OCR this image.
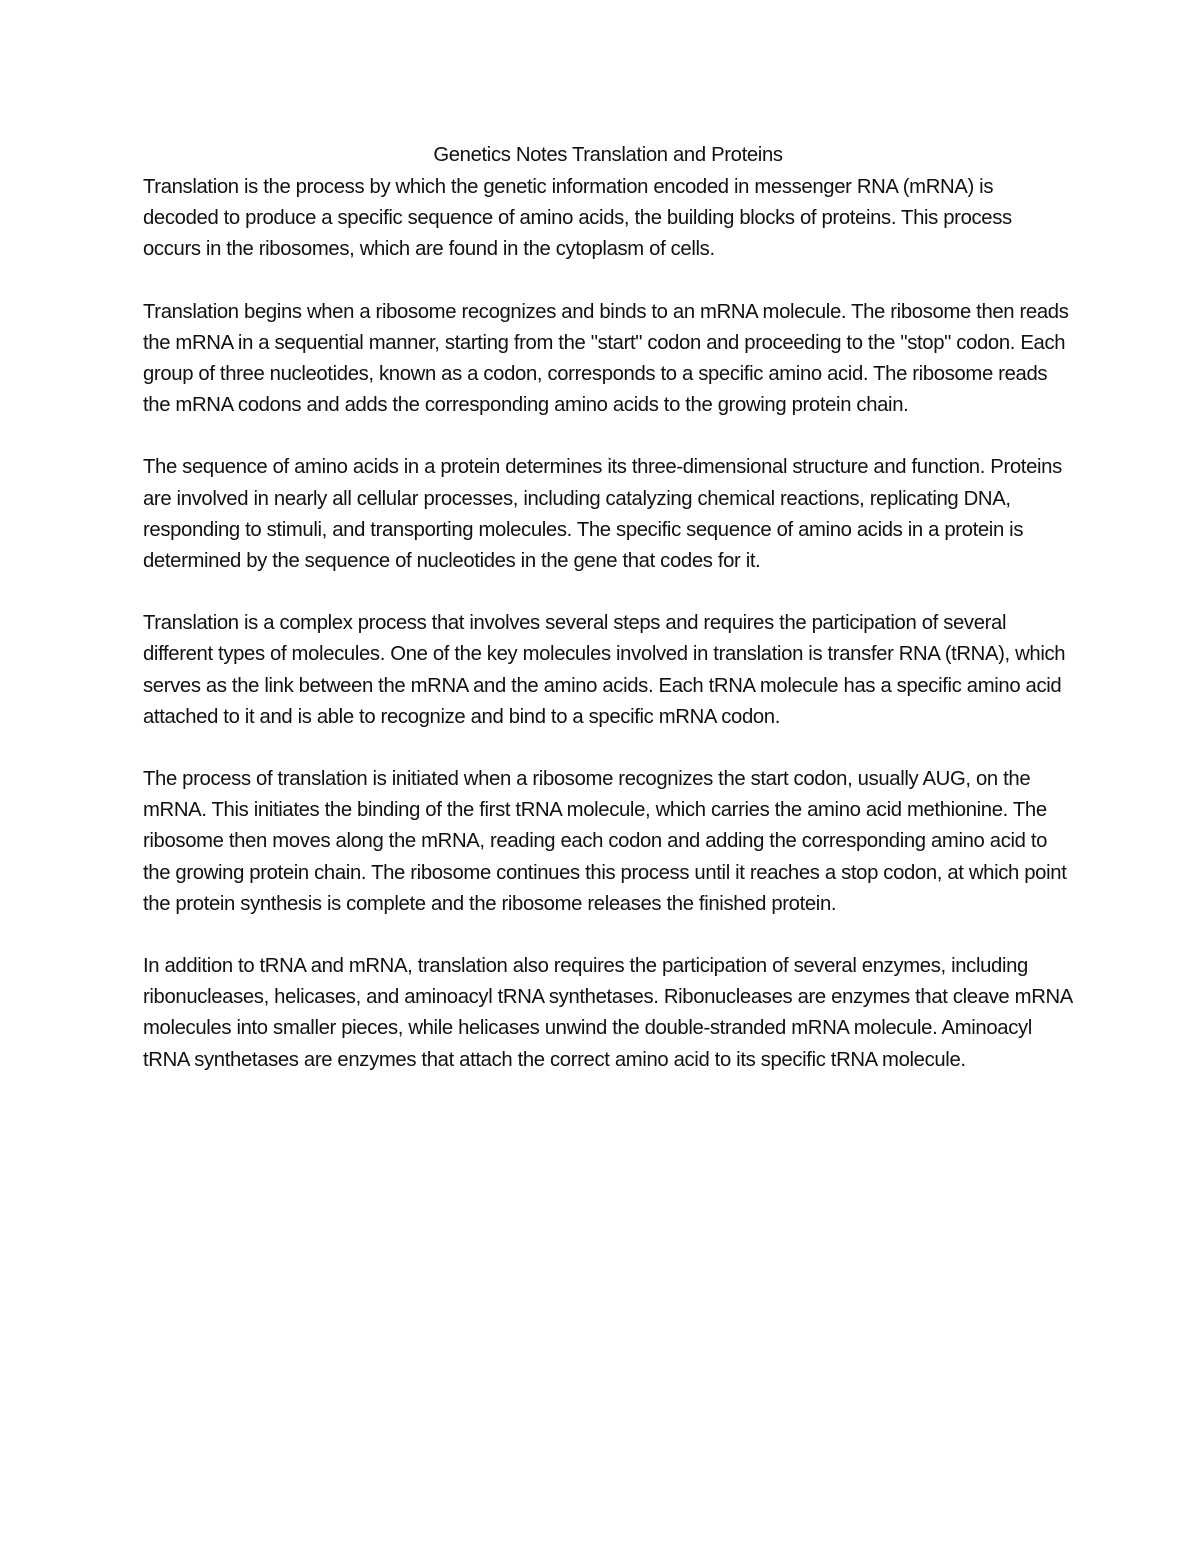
Genetics Notes Translation and Proteins

Translation is the process by which the genetic information encoded in messenger RNA (mRNA) is decoded to produce a specific sequence of amino acids, the building blocks of proteins. This process occurs in the ribosomes, which are found in the cytoplasm of cells.

Translation begins when a ribosome recognizes and binds to an mRNA molecule. The ribosome then reads the mRNA in a sequential manner, starting from the "start" codon and proceeding to the "stop" codon. Each group of three nucleotides, known as a codon, corresponds to a specific amino acid. The ribosome reads the mRNA codons and adds the corresponding amino acids to the growing protein chain.

The sequence of amino acids in a protein determines its three-dimensional structure and function. Proteins are involved in nearly all cellular processes, including catalyzing chemical reactions, replicating DNA, responding to stimuli, and transporting molecules. The specific sequence of amino acids in a protein is determined by the sequence of nucleotides in the gene that codes for it.

Translation is a complex process that involves several steps and requires the participation of several different types of molecules. One of the key molecules involved in translation is transfer RNA (tRNA), which serves as the link between the mRNA and the amino acids. Each tRNA molecule has a specific amino acid attached to it and is able to recognize and bind to a specific mRNA codon.

The process of translation is initiated when a ribosome recognizes the start codon, usually AUG, on the mRNA. This initiates the binding of the first tRNA molecule, which carries the amino acid methionine. The ribosome then moves along the mRNA, reading each codon and adding the corresponding amino acid to the growing protein chain. The ribosome continues this process until it reaches a stop codon, at which point the protein synthesis is complete and the ribosome releases the finished protein.

In addition to tRNA and mRNA, translation also requires the participation of several enzymes, including ribonucleases, helicases, and aminoacyl tRNA synthetases. Ribonucleases are enzymes that cleave mRNA molecules into smaller pieces, while helicases unwind the double-stranded mRNA molecule. Aminoacyl tRNA synthetases are enzymes that attach the correct amino acid to its specific tRNA molecule.
